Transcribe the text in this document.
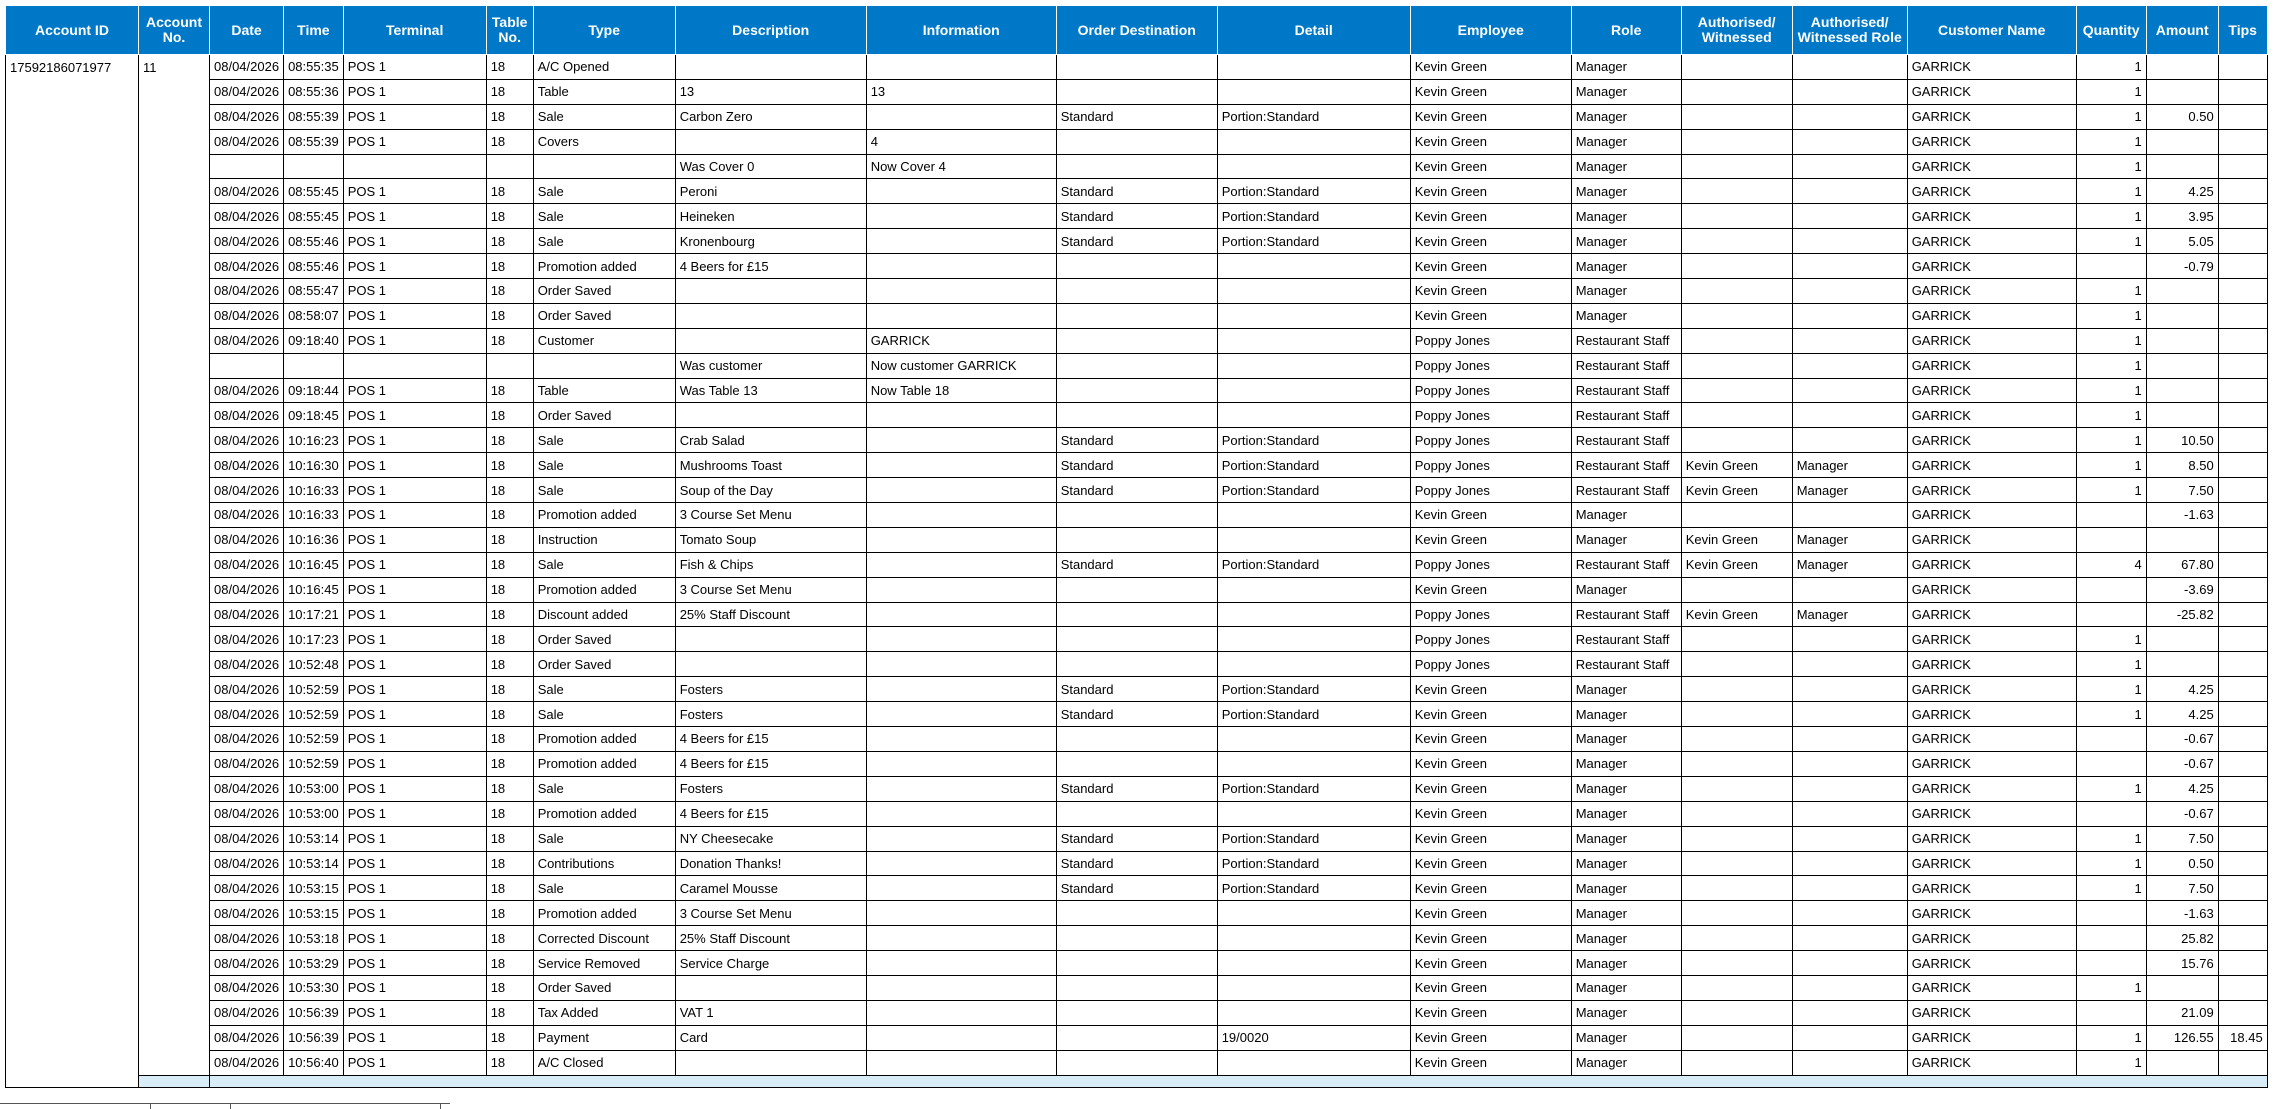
Account ID	Account No.	Date	Time	Terminal	Table No.	Type	Description	Information	Order Destination	Detail	Employee	Role	Authorised/ Witnessed	Authorised/ Witnessed Role	Customer Name	Quantity	Amount	Tips
17592186071977	11	08/04/2026	08:55:35	POS 1	18	A/C Opened					Kevin Green	Manager			GARRICK	1		
		08/04/2026	08:55:36	POS 1	18	Table	13	13			Kevin Green	Manager			GARRICK	1		
		08/04/2026	08:55:39	POS 1	18	Sale	Carbon Zero		Standard	Portion:Standard	Kevin Green	Manager			GARRICK	1	0.50	
		08/04/2026	08:55:39	POS 1	18	Covers		4			Kevin Green	Manager			GARRICK	1		
							Was Cover 0	Now Cover 4			Kevin Green	Manager			GARRICK	1		
		08/04/2026	08:55:45	POS 1	18	Sale	Peroni		Standard	Portion:Standard	Kevin Green	Manager			GARRICK	1	4.25	
		08/04/2026	08:55:45	POS 1	18	Sale	Heineken		Standard	Portion:Standard	Kevin Green	Manager			GARRICK	1	3.95	
		08/04/2026	08:55:46	POS 1	18	Sale	Kronenbourg		Standard	Portion:Standard	Kevin Green	Manager			GARRICK	1	5.05	
		08/04/2026	08:55:46	POS 1	18	Promotion added	4 Beers for £15				Kevin Green	Manager			GARRICK		-0.79	
		08/04/2026	08:55:47	POS 1	18	Order Saved					Kevin Green	Manager			GARRICK	1		
		08/04/2026	08:58:07	POS 1	18	Order Saved					Kevin Green	Manager			GARRICK	1		
		08/04/2026	09:18:40	POS 1	18	Customer		GARRICK			Poppy Jones	Restaurant Staff			GARRICK	1		
							Was customer	Now customer GARRICK			Poppy Jones	Restaurant Staff			GARRICK	1		
		08/04/2026	09:18:44	POS 1	18	Table	Was Table 13	Now Table 18			Poppy Jones	Restaurant Staff			GARRICK	1		
		08/04/2026	09:18:45	POS 1	18	Order Saved					Poppy Jones	Restaurant Staff			GARRICK	1		
		08/04/2026	10:16:23	POS 1	18	Sale	Crab Salad		Standard	Portion:Standard	Poppy Jones	Restaurant Staff			GARRICK	1	10.50	
		08/04/2026	10:16:30	POS 1	18	Sale	Mushrooms Toast		Standard	Portion:Standard	Poppy Jones	Restaurant Staff	Kevin Green	Manager	GARRICK	1	8.50	
		08/04/2026	10:16:33	POS 1	18	Sale	Soup of the Day		Standard	Portion:Standard	Poppy Jones	Restaurant Staff	Kevin Green	Manager	GARRICK	1	7.50	
		08/04/2026	10:16:33	POS 1	18	Promotion added	3 Course Set Menu				Kevin Green	Manager			GARRICK		-1.63	
		08/04/2026	10:16:36	POS 1	18	Instruction	Tomato Soup				Kevin Green	Manager	Kevin Green	Manager	GARRICK			
		08/04/2026	10:16:45	POS 1	18	Sale	Fish & Chips		Standard	Portion:Standard	Poppy Jones	Restaurant Staff	Kevin Green	Manager	GARRICK	4	67.80	
		08/04/2026	10:16:45	POS 1	18	Promotion added	3 Course Set Menu				Kevin Green	Manager			GARRICK		-3.69	
		08/04/2026	10:17:21	POS 1	18	Discount added	25% Staff Discount				Poppy Jones	Restaurant Staff	Kevin Green	Manager	GARRICK		-25.82	
		08/04/2026	10:17:23	POS 1	18	Order Saved					Poppy Jones	Restaurant Staff			GARRICK	1		
		08/04/2026	10:52:48	POS 1	18	Order Saved					Poppy Jones	Restaurant Staff			GARRICK	1		
		08/04/2026	10:52:59	POS 1	18	Sale	Fosters		Standard	Portion:Standard	Kevin Green	Manager			GARRICK	1	4.25	
		08/04/2026	10:52:59	POS 1	18	Sale	Fosters		Standard	Portion:Standard	Kevin Green	Manager			GARRICK	1	4.25	
		08/04/2026	10:52:59	POS 1	18	Promotion added	4 Beers for £15				Kevin Green	Manager			GARRICK		-0.67	
		08/04/2026	10:52:59	POS 1	18	Promotion added	4 Beers for £15				Kevin Green	Manager			GARRICK		-0.67	
		08/04/2026	10:53:00	POS 1	18	Sale	Fosters		Standard	Portion:Standard	Kevin Green	Manager			GARRICK	1	4.25	
		08/04/2026	10:53:00	POS 1	18	Promotion added	4 Beers for £15				Kevin Green	Manager			GARRICK		-0.67	
		08/04/2026	10:53:14	POS 1	18	Sale	NY Cheesecake		Standard	Portion:Standard	Kevin Green	Manager			GARRICK	1	7.50	
		08/04/2026	10:53:14	POS 1	18	Contributions	Donation Thanks!		Standard	Portion:Standard	Kevin Green	Manager			GARRICK	1	0.50	
		08/04/2026	10:53:15	POS 1	18	Sale	Caramel Mousse		Standard	Portion:Standard	Kevin Green	Manager			GARRICK	1	7.50	
		08/04/2026	10:53:15	POS 1	18	Promotion added	3 Course Set Menu				Kevin Green	Manager			GARRICK		-1.63	
		08/04/2026	10:53:18	POS 1	18	Corrected Discount	25% Staff Discount				Kevin Green	Manager			GARRICK		25.82	
		08/04/2026	10:53:29	POS 1	18	Service Removed	Service Charge				Kevin Green	Manager			GARRICK		15.76	
		08/04/2026	10:53:30	POS 1	18	Order Saved					Kevin Green	Manager			GARRICK	1		
		08/04/2026	10:56:39	POS 1	18	Tax Added	VAT 1				Kevin Green	Manager			GARRICK		21.09	
		08/04/2026	10:56:39	POS 1	18	Payment	Card			19/0020	Kevin Green	Manager			GARRICK	1	126.55	18.45
		08/04/2026	10:56:40	POS 1	18	A/C Closed					Kevin Green	Manager			GARRICK	1		
